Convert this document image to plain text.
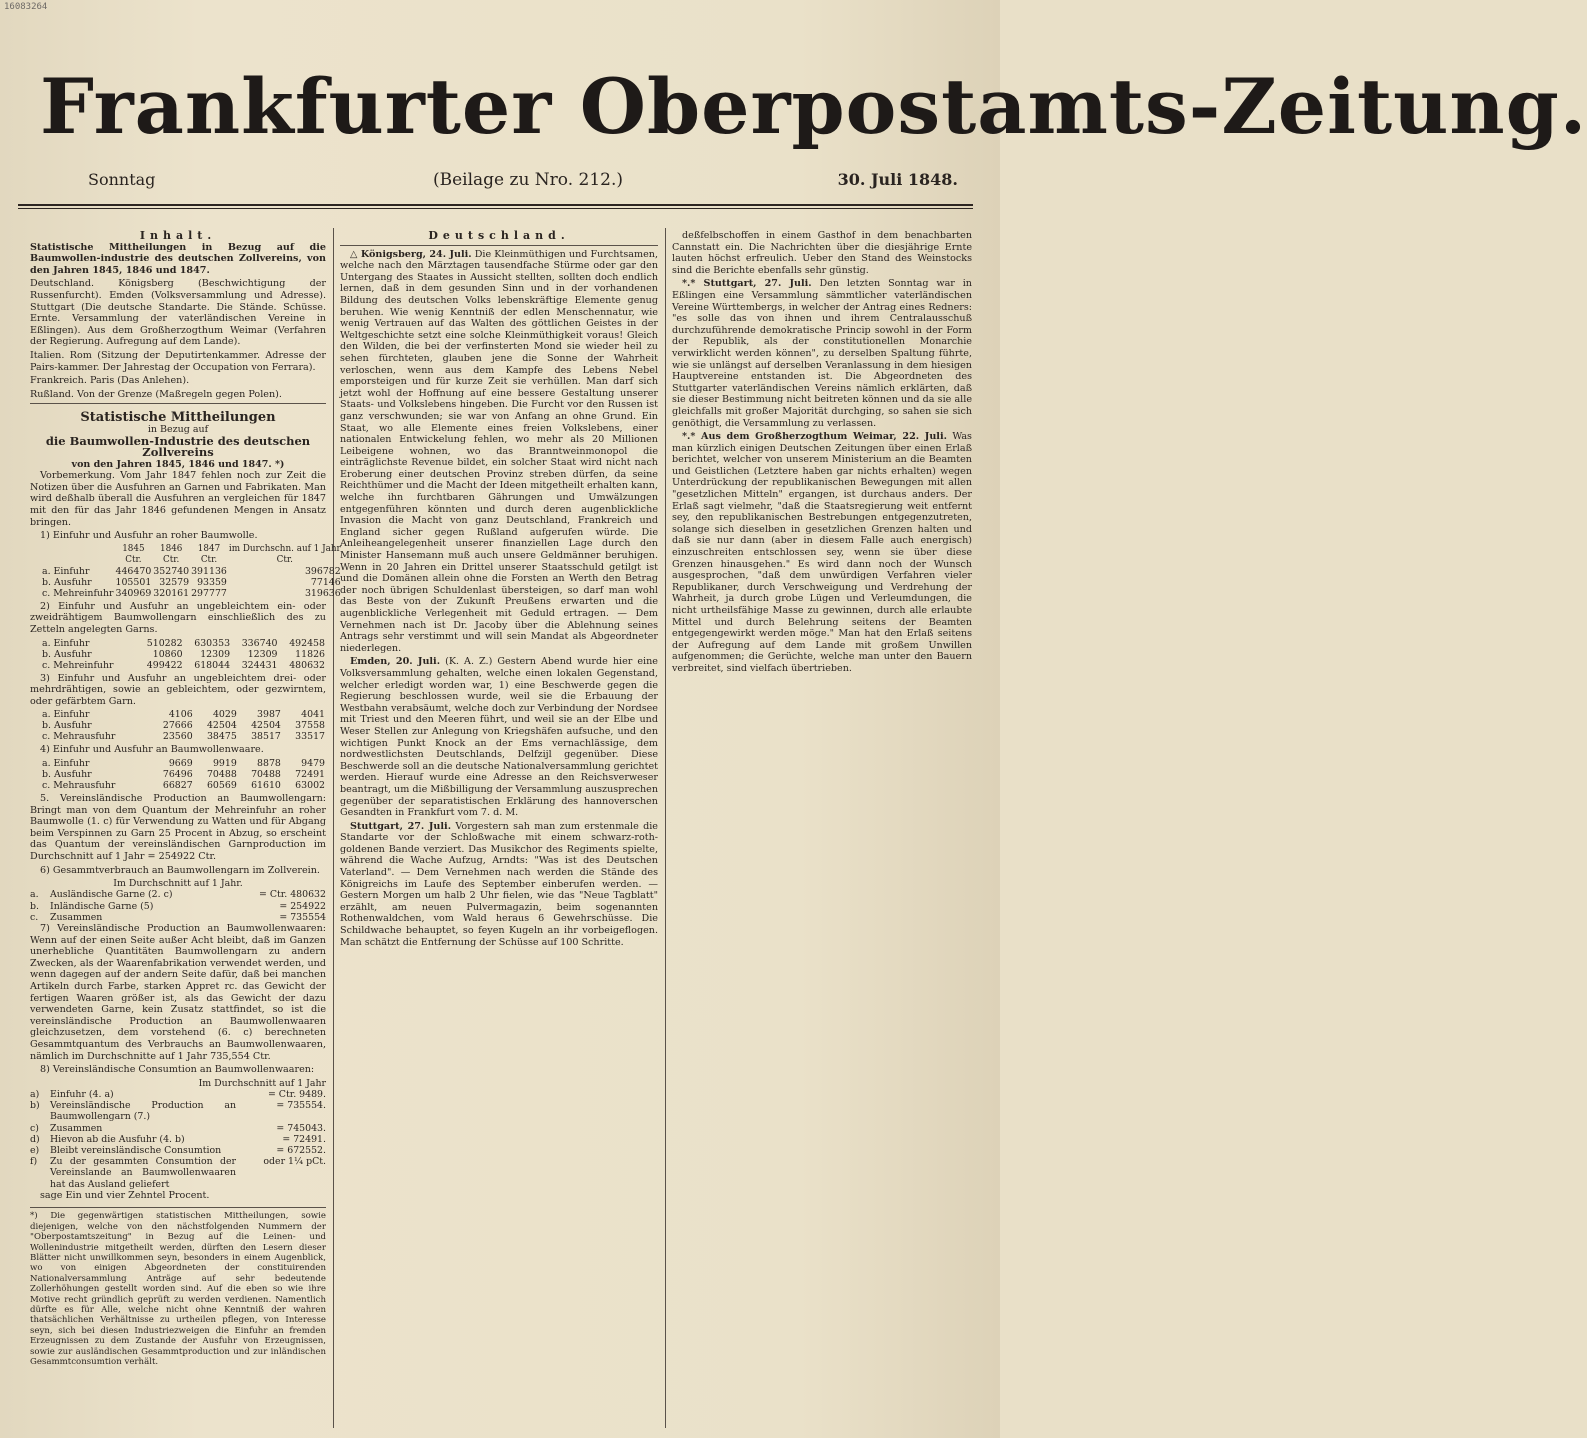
16083264
Frankfurter Oberpostamts-Zeitung.
Sonntag	(Beilage zu Nro. 212.)	30. Juli 1848.
Inhalt.

Statistische Mittheilungen in Bezug auf die Baumwollen-industrie des deutschen Zollvereins, von den Jahren 1845, 1846 und 1847.

Deutschland. Königsberg (Beschwichtigung der Russenfurcht). Emden (Volksversammlung und Adresse). Stuttgart (Die deutsche Standarte. Die Stände. Schüsse. Ernte. Versammlung der vaterländischen Vereine in Eßlingen). Aus dem Großherzogthum Weimar (Verfahren der Regierung. Aufregung auf dem Lande).

Italien. Rom (Sitzung der Deputirtenkammer. Adresse der Pairs-kammer. Der Jahrestag der Occupation von Ferrara).

Frankreich. Paris (Das Anlehen).

Rußland. Von der Grenze (Maßregeln gegen Polen).

Statistische Mittheilungen
in Bezug auf
die Baumwollen-Industrie des deutschen Zollvereins
von den Jahren 1845, 1846 und 1847. *)

Vorbemerkung. Vom Jahr 1847 fehlen noch zur Zeit die Notizen über die Ausfuhren an Garnen und Fabrikaten. Man wird deßhalb überall die Ausfuhren an vergleichen für 1847 mit den für das Jahr 1846 gefundenen Mengen in Ansatz bringen.

1) Einfuhr und Ausfuhr an roher Baumwolle.

	1845	1846	1847	im Durchschn. auf 1 Jahr
	Ctr.	Ctr.	Ctr.	Ctr.
a. Einfuhr	446470	352740	391136	396782
b. Ausfuhr	105501	32579	93359	77146
c. Mehreinfuhr	340969	320161	297777	319636

2) Einfuhr und Ausfuhr an ungebleichtem ein- oder zweidrähtigem Baumwollengarn einschließlich des zu Zetteln angelegten Garns.

a. Einfuhr	510282	630353	336740	492458
b. Ausfuhr	10860	12309	12309	11826
c. Mehreinfuhr	499422	618044	324431	480632

3) Einfuhr und Ausfuhr an ungebleichtem drei- oder mehrdrähtigen, sowie an gebleichtem, oder gezwirntem, oder gefärbtem Garn.

a. Einfuhr	4106	4029	3987	4041
b. Ausfuhr	27666	42504	42504	37558
c. Mehrausfuhr	23560	38475	38517	33517

4) Einfuhr und Ausfuhr an Baumwollenwaare.

a. Einfuhr	9669	9919	8878	9479
b. Ausfuhr	76496	70488	70488	72491
c. Mehrausfuhr	66827	60569	61610	63002

5. Vereinsländische Production an Baumwollengarn: Bringt man von dem Quantum der Mehreinfuhr an roher Baumwolle (1. c) für Verwendung zu Watten und für Abgang beim Verspinnen zu Garn 25 Procent in Abzug, so erscheint das Quantum der vereinsländischen Garnproduction im Durchschnitt auf 1 Jahr = 254922 Ctr.

6) Gesammtverbrauch an Baumwollengarn im Zollverein.

Im Durchschnitt auf 1 Jahr.
a.	Ausländische Garne (2. c)	= Ctr. 480632
b.	Inländische Garne (5)	= 254922
c.	Zusammen	= 735554

7) Vereinsländische Production an Baumwollenwaaren: Wenn auf der einen Seite außer Acht bleibt, daß im Ganzen unerhebliche Quantitäten Baumwollengarn zu andern Zwecken, als der Waarenfabrikation verwendet werden, und wenn dagegen auf der andern Seite dafür, daß bei manchen Artikeln durch Farbe, starken Appret rc. das Gewicht der fertigen Waaren größer ist, als das Gewicht der dazu verwendeten Garne, kein Zusatz stattfindet, so ist die vereinsländische Production an Baumwollenwaaren gleichzusetzen, dem vorstehend (6. c) berechneten Gesammtquantum des Verbrauchs an Baumwollenwaaren, nämlich im Durchschnitte auf 1 Jahr 735,554 Ctr.

8) Vereinsländische Consumtion an Baumwollenwaaren:

Im Durchschnitt auf 1 Jahr
a)	Einfuhr (4. a)	= Ctr. 9489.
b)	Vereinsländische Production an Baumwollengarn (7.)
= 735554.
c)	Zusammen	= 745043.
d)	Hievon ab die Ausfuhr (4. b)	= 72491.
e)	Bleibt vereinsländische Consumtion	= 672552.
f)	Zu der gesammten Consumtion der Vereinslande an Baumwollenwaaren hat das Ausland geliefert
oder 1¼ pCt.

sage Ein und vier Zehntel Procent.

*) Die gegenwärtigen statistischen Mittheilungen, sowie diejenigen, welche von den nächstfolgenden Nummern der "Oberpostamtszeitung" in Bezug auf die Leinen- und Wollenindustrie mitgetheilt werden, dürften den Lesern dieser Blätter nicht unwillkommen seyn, besonders in einem Augenblick, wo von einigen Abgeordneten der constituirenden Nationalversammlung Anträge auf sehr bedeutende Zollerhöhungen gestellt worden sind. Auf die eben so wie ihre Motive recht gründlich geprüft zu werden verdienen. Namentlich dürfte es für Alle, welche nicht ohne Kenntniß der wahren thatsächlichen Verhältnisse zu urtheilen pflegen, von Interesse seyn, sich bei diesen Industriezweigen die Einfuhr an fremden Erzeugnissen zu dem Zustande der Ausfuhr von Erzeugnissen, sowie zur ausländischen Gesammtproduction und zur inländischen Gesammtconsumtion verhält.
Deutschland.

△ Königsberg, 24. Juli. Die Kleinmüthigen und Furchtsamen, welche nach den Märztagen tausendfache Stürme oder gar den Untergang des Staates in Aussicht stellten, sollten doch endlich lernen, daß in dem gesunden Sinn und in der vorhandenen Bildung des deutschen Volks lebenskräftige Elemente genug beruhen. Wie wenig Kenntniß der edlen Menschennatur, wie wenig Vertrauen auf das Walten des göttlichen Geistes in der Weltgeschichte setzt eine solche Kleinmüthigkeit voraus! Gleich den Wilden, die bei der verfinsterten Mond sie wieder heil zu sehen fürchteten, glauben jene die Sonne der Wahrheit verloschen, wenn aus dem Kampfe des Lebens Nebel emporsteigen und für kurze Zeit sie verhüllen. Man darf sich jetzt wohl der Hoffnung auf eine bessere Gestaltung unserer Staats- und Volkslebens hingeben. Die Furcht vor den Russen ist ganz verschwunden; sie war von Anfang an ohne Grund. Ein Staat, wo alle Elemente eines freien Volkslebens, einer nationalen Entwickelung fehlen, wo mehr als 20 Millionen Leibeigene wohnen, wo das Branntweinmonopol die einträglichste Revenue bildet, ein solcher Staat wird nicht nach Eroberung einer deutschen Provinz streben dürfen, da seine Reichthümer und die Macht der Ideen mitgetheilt erhalten kann, welche ihn furchtbaren Gährungen und Umwälzungen entgegenführen könnten und durch deren augenblickliche Invasion die Macht von ganz Deutschland, Frankreich und England sicher gegen Rußland aufgerufen würde. Die Anleiheangelegenheit unserer finanziellen Lage durch den Minister Hansemann muß auch unsere Geldmänner beruhigen. Wenn in 20 Jahren ein Drittel unserer Staatsschuld getilgt ist und die Domänen allein ohne die Forsten an Werth den Betrag der noch übrigen Schuldenlast übersteigen, so darf man wohl das Beste von der Zukunft Preußens erwarten und die augenblickliche Verlegenheit mit Geduld ertragen. — Dem Vernehmen nach ist Dr. Jacoby über die Ablehnung seines Antrags sehr verstimmt und will sein Mandat als Abgeordneter niederlegen.

Emden, 20. Juli. (K. A. Z.) Gestern Abend wurde hier eine Volksversammlung gehalten, welche einen lokalen Gegenstand, welcher erledigt worden war, 1) eine Beschwerde gegen die Regierung beschlossen wurde, weil sie die Erbauung der Westbahn verabsäumt, welche doch zur Verbindung der Nordsee mit Triest und den Meeren führt, und weil sie an der Elbe und Weser Stellen zur Anlegung von Kriegshäfen aufsuche, und den wichtigen Punkt Knock an der Ems vernachlässige, dem nordwestlichsten Deutschlands, Delfzijl gegenüber. Diese Beschwerde soll an die deutsche Nationalversammlung gerichtet werden. Hierauf wurde eine Adresse an den Reichsverweser beantragt, um die Mißbilligung der Versammlung auszusprechen gegenüber der separatistischen Erklärung des hannoverschen Gesandten in Frankfurt vom 7. d. M.

Stuttgart, 27. Juli. Vorgestern sah man zum erstenmale die Standarte vor der Schloßwache mit einem schwarz-roth-goldenen Bande verziert. Das Musikchor des Regiments spielte, während die Wache Aufzug, Arndts: "Was ist des Deutschen Vaterland". — Dem Vernehmen nach werden die Stände des Königreichs im Laufe des September einberufen werden. — Gestern Morgen um halb 2 Uhr fielen, wie das "Neue Tagblatt" erzählt, am neuen Pulvermagazin, beim sogenannten Rothenwaldchen, vom Wald heraus 6 Gewehrschüsse. Die Schildwache behauptet, so feyen Kugeln an ihr vorbeigeflogen. Man schätzt die Entfernung der Schüsse auf 100 Schritte.

deßfelbschoffen in einem Gasthof in dem benachbarten Cannstatt ein. Die Nachrichten über die diesjährige Ernte lauten höchst erfreulich. Ueber den Stand des Weinstocks sind die Berichte ebenfalls sehr günstig.

*.* Stuttgart, 27. Juli. Den letzten Sonntag war in Eßlingen eine Versammlung sämmtlicher vaterländischen Vereine Württembergs, in welcher der Antrag eines Redners: "es solle das von ihnen und ihrem Centralausschuß durchzuführende demokratische Princip sowohl in der Form der Republik, als der constitutionellen Monarchie verwirklicht werden können", zu derselben Spaltung führte, wie sie unlängst auf derselben Veranlassung in dem hiesigen Hauptvereine entstanden ist. Die Abgeordneten des Stuttgarter vaterländischen Vereins nämlich erklärten, daß sie dieser Bestimmung nicht beitreten können und da sie alle gleichfalls mit großer Majorität durchging, so sahen sie sich genöthigt, die Versammlung zu verlassen.

*.* Aus dem Großherzogthum Weimar, 22. Juli. Was man kürzlich einigen Deutschen Zeitungen über einen Erlaß berichtet, welcher von unserem Ministerium an die Beamten und Geistlichen (Letztere haben gar nichts erhalten) wegen Unterdrückung der republikanischen Bewegungen mit allen "gesetzlichen Mitteln" ergangen, ist durchaus anders. Der Erlaß sagt vielmehr, "daß die Staatsregierung weit entfernt sey, den republikanischen Bestrebungen entgegenzutreten, solange sich dieselben in gesetzlichen Grenzen halten und daß sie nur dann (aber in diesem Falle auch energisch) einzuschreiten entschlossen sey, wenn sie über diese Grenzen hinausgehen." Es wird dann noch der Wunsch ausgesprochen, "daß dem unwürdigen Verfahren vieler Republikaner, durch Verschweigung und Verdrehung der Wahrheit, ja durch grobe Lügen und Verleumdungen, die nicht urtheilsfähige Masse zu gewinnen, durch alle erlaubte Mittel und durch Belehrung seitens der Beamten entgegengewirkt werden möge." Man hat den Erlaß seitens der Aufregung auf dem Lande mit großem Unwillen aufgenommen; die Gerüchte, welche man unter den Bauern verbreitet, sind vielfach übertrieben.
